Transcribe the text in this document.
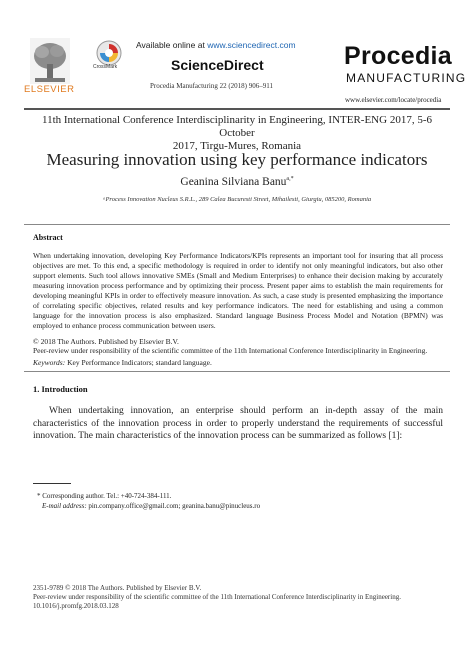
ELSEVIER
CrossMark
Available online at www.sciencedirect.com
ScienceDirect
Procedia Manufacturing 22 (2018) 906–911
Procedia
MANUFACTURING
www.elsevier.com/locate/procedia
11th International Conference Interdisciplinarity in Engineering, INTER-ENG 2017, 5-6 October
2017, Tirgu-Mures, Romania
Measuring innovation using key performance indicators
Geanina Silviana Banu$^{a,*}$
ᵃProcess Innovation Nucleus S.R.L., 289 Calea Bucuresti Street, Mihailesti, Giurgiu, 085200, Romania
Abstract
When undertaking innovation, developing Key Performance Indicators/KPIs represents an important tool for insuring that all process objectives are met. To this end, a specific methodology is required in order to identify not only meaningful indicators, but also other support elements. Such tool allows innovative SMEs (Small and Medium Enterprises) to enhance their decision making by accurately measuring innovation process performance and by optimizing their process. Present paper aims to establish the main requirements for developing meaningful KPIs in order to effectively measure innovation. As such, a case study is presented emphasizing the importance of correlating specific objectives, related results and key performance indicators. The need for establishing and using a common language for the innovation process is also emphasized. Standard language Business Process Model and Notation (BPMN) was employed to enhance process communication between users.
© 2018 The Authors. Published by Elsevier B.V.
Peer-review under responsibility of the scientific committee of the 11th International Conference Interdisciplinarity in Engineering.
Keywords: Key Performance Indicators; standard language.
1. Introduction
When undertaking innovation, an enterprise should perform an in-depth assay of the main characteristics of the innovation process in order to properly understand the requirements of successful innovation. The main characteristics of the innovation process can be summarized as follows [1]:
* Corresponding author. Tel.: +40-724-384-111.
E-mail address: pin.company.office@gmail.com; geanina.banu@pinucleus.ro
2351-9789 © 2018 The Authors. Published by Elsevier B.V.
Peer-review under responsibility of the scientific committee of the 11th International Conference Interdisciplinarity in Engineering.
10.1016/j.promfg.2018.03.128
